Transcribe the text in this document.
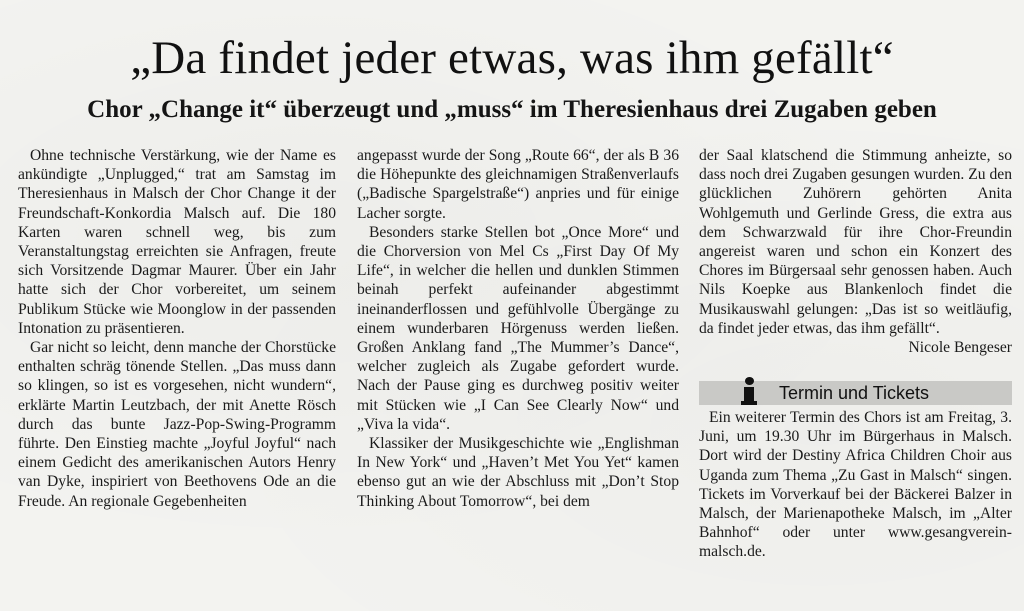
„Da findet jeder etwas, was ihm gefällt“
Chor „Change it“ überzeugt und „muss“ im Theresienhaus drei Zugaben geben

Ohne technische Verstärkung, wie der Name es ankündigte „Unplugged,“ trat am Samstag im Theresienhaus in Malsch der Chor Change it der Freundschaft-Konkordia Malsch auf. Die 180 Karten waren schnell weg, bis zum Veranstaltungstag erreichten sie Anfragen, freute sich Vorsitzende Dagmar Maurer. Über ein Jahr hatte sich der Chor vorbereitet, um seinem Publikum Stücke wie Moonglow in der passenden Intonation zu präsentieren.

Gar nicht so leicht, denn manche der Chorstücke enthalten schräg tönende Stellen. „Das muss dann so klingen, so ist es vorgesehen, nicht wundern“, erklärte Martin Leutzbach, der mit Anette Rösch durch das bunte Jazz-Pop-Swing-Programm führte. Den Einstieg machte „Joyful Joyful“ nach einem Gedicht des amerikanischen Autors Henry van Dyke, inspiriert von Beethovens Ode an die Freude. An regionale Gegebenheiten

angepasst wurde der Song „Route 66“, der als B 36 die Höhepunkte des gleichnamigen Straßenverlaufs („Badische Spargelstraße“) anpries und für einige Lacher sorgte.

Besonders starke Stellen bot „Once More“ und die Chorversion von Mel Cs „First Day Of My Life“, in welcher die hellen und dunklen Stimmen beinah perfekt aufeinander abgestimmt ineinanderflossen und gefühlvolle Übergänge zu einem wunderbaren Hörgenuss werden ließen. Großen Anklang fand „The Mummer’s Dance“, welcher zugleich als Zugabe gefordert wurde. Nach der Pause ging es durchweg positiv weiter mit Stücken wie „I Can See Clearly Now“ und „Viva la vida“.

Klassiker der Musikgeschichte wie „Englishman In New York“ und „Haven’t Met You Yet“ kamen ebenso gut an wie der Abschluss mit „Don’t Stop Thinking About Tomorrow“, bei dem

der Saal klatschend die Stimmung anheizte, so dass noch drei Zugaben gesungen wurden. Zu den glücklichen Zuhörern gehörten Anita Wohlgemuth und Gerlinde Gress, die extra aus dem Schwarzwald für ihre Chor-Freundin angereist waren und schon ein Konzert des Chores im Bürgersaal sehr genossen haben. Auch Nils Koepke aus Blankenloch findet die Musikauswahl gelungen: „Das ist so weitläufig, da findet jeder etwas, das ihm gefällt“.
Nicole Bengeser

Termin und Tickets

Ein weiterer Termin des Chors ist am Freitag, 3. Juni, um 19.30 Uhr im Bürgerhaus in Malsch. Dort wird der Destiny Africa Children Choir aus Uganda zum Thema „Zu Gast in Malsch“ singen. Tickets im Vorverkauf bei der Bäckerei Balzer in Malsch, der Marienapotheke Malsch, im „Alter Bahnhof“ oder unter www.gesangverein-malsch.de.
